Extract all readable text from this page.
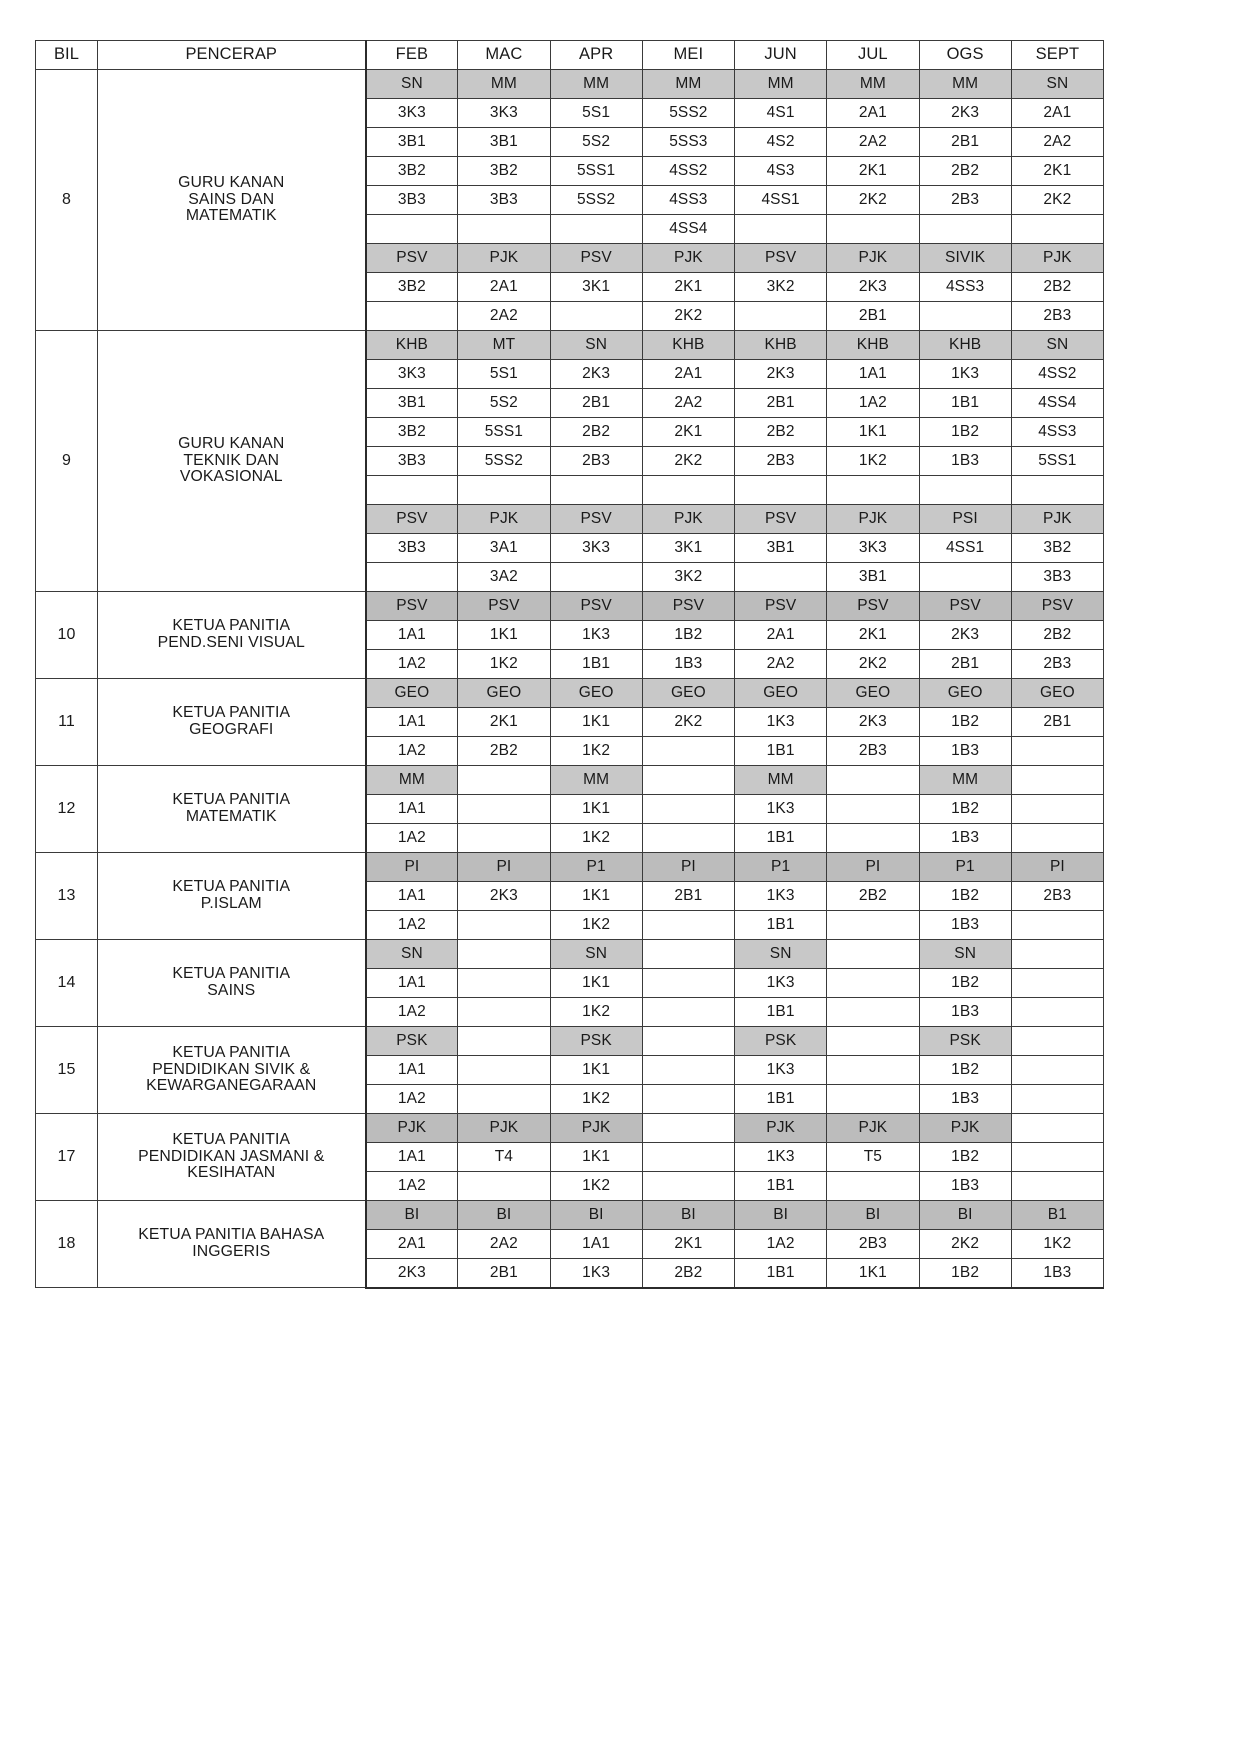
BIL	PENCERAP	FEB	MAC	APR	MEI	JUN	JUL	OGS	SEPT
8	GURU KANAN
SAINS DAN
MATEMATIK	SN	MM	MM	MM	MM	MM	MM	SN
		3K3	3K3	5S1	5SS2	4S1	2A1	2K3	2A1
		3B1	3B1	5S2	5SS3	4S2	2A2	2B1	2A2
		3B2	3B2	5SS1	4SS2	4S3	2K1	2B2	2K1
		3B3	3B3	5SS2	4SS3	4SS1	2K2	2B3	2K2
					4SS4				
		PSV	PJK	PSV	PJK	PSV	PJK	SIVIK	PJK
		3B2	2A1	3K1	2K1	3K2	2K3	4SS3	2B2
			2A2		2K2		2B1		2B3
9	GURU KANAN
TEKNIK DAN
VOKASIONAL	KHB	MT	SN	KHB	KHB	KHB	KHB	SN
		3K3	5S1	2K3	2A1	2K3	1A1	1K3	4SS2
		3B1	5S2	2B1	2A2	2B1	1A2	1B1	4SS4
		3B2	5SS1	2B2	2K1	2B2	1K1	1B2	4SS3
		3B3	5SS2	2B3	2K2	2B3	1K2	1B3	5SS1

		PSV	PJK	PSV	PJK	PSV	PJK	PSI	PJK
		3B3	3A1	3K3	3K1	3B1	3K3	4SS1	3B2
			3A2		3K2		3B1		3B3
10	KETUA PANITIA
PEND.SENI VISUAL	PSV	PSV	PSV	PSV	PSV	PSV	PSV	PSV
		1A1	1K1	1K3	1B2	2A1	2K1	2K3	2B2
		1A2	1K2	1B1	1B3	2A2	2K2	2B1	2B3
11	KETUA PANITIA
GEOGRAFI	GEO	GEO	GEO	GEO	GEO	GEO	GEO	GEO
		1A1	2K1	1K1	2K2	1K3	2K3	1B2	2B1
		1A2	2B2	1K2		1B1	2B3	1B3	
12	KETUA PANITIA
MATEMATIK	MM		MM		MM		MM	
		1A1		1K1		1K3		1B2	
		1A2		1K2		1B1		1B3	
13	KETUA PANITIA
P.ISLAM	PI	PI	P1	PI	P1	PI	P1	PI
		1A1	2K3	1K1	2B1	1K3	2B2	1B2	2B3
		1A2		1K2		1B1		1B3	
14	KETUA PANITIA
SAINS	SN		SN		SN		SN	
		1A1		1K1		1K3		1B2	
		1A2		1K2		1B1		1B3	
15	KETUA PANITIA
PENDIDIKAN SIVIK &
KEWARGANEGARAAN	PSK		PSK		PSK		PSK	
		1A1		1K1		1K3		1B2	
		1A2		1K2		1B1		1B3	
17	KETUA PANITIA
PENDIDIKAN JASMANI &
KESIHATAN	PJK	PJK	PJK		PJK	PJK	PJK	
		1A1	T4	1K1		1K3	T5	1B2	
		1A2		1K2		1B1		1B3	
18	KETUA PANITIA BAHASA
INGGERIS	BI	BI	BI	BI	BI	BI	BI	B1
		2A1	2A2	1A1	2K1	1A2	2B3	2K2	1K2
		2K3	2B1	1K3	2B2	1B1	1K1	1B2	1B3
